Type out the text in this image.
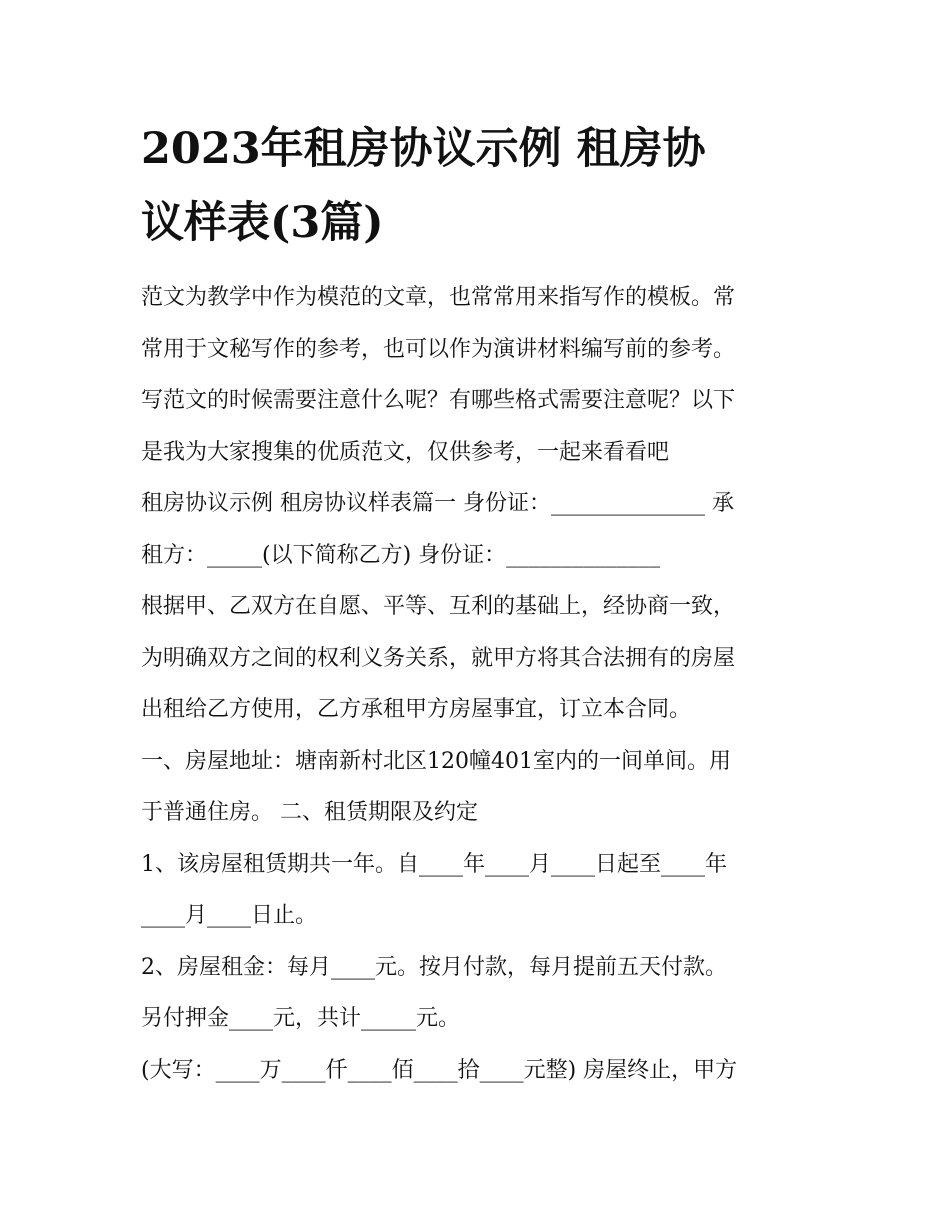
2023年租房协议示例 租房协
议样表(3篇)
范文为教学中作为模范的文章，也常常用来指写作的模板。常
常用于文秘写作的参考，也可以作为演讲材料编写前的参考。
写范文的时候需要注意什么呢？有哪些格式需要注意呢？以下
是我为大家搜集的优质范文，仅供参考，一起来看看吧
租房协议示例 租房协议样表篇一 身份证：______________ 承
租方：_____(以下简称乙方) 身份证：______________
根据甲、乙双方在自愿、平等、互利的基础上，经协商一致，
为明确双方之间的权利义务关系，就甲方将其合法拥有的房屋
出租给乙方使用，乙方承租甲方房屋事宜，订立本合同。
一、房屋地址：塘南新村北区120幢401室内的一间单间。用
于普通住房。 二、租赁期限及约定
1、该房屋租赁期共一年。自____年____月____日起至____年
____月____日止。
2、房屋租金：每月____元。按月付款，每月提前五天付款。
另付押金____元，共计_____元。
(大写：____万____仟____佰____拾____元整) 房屋终止，甲方
